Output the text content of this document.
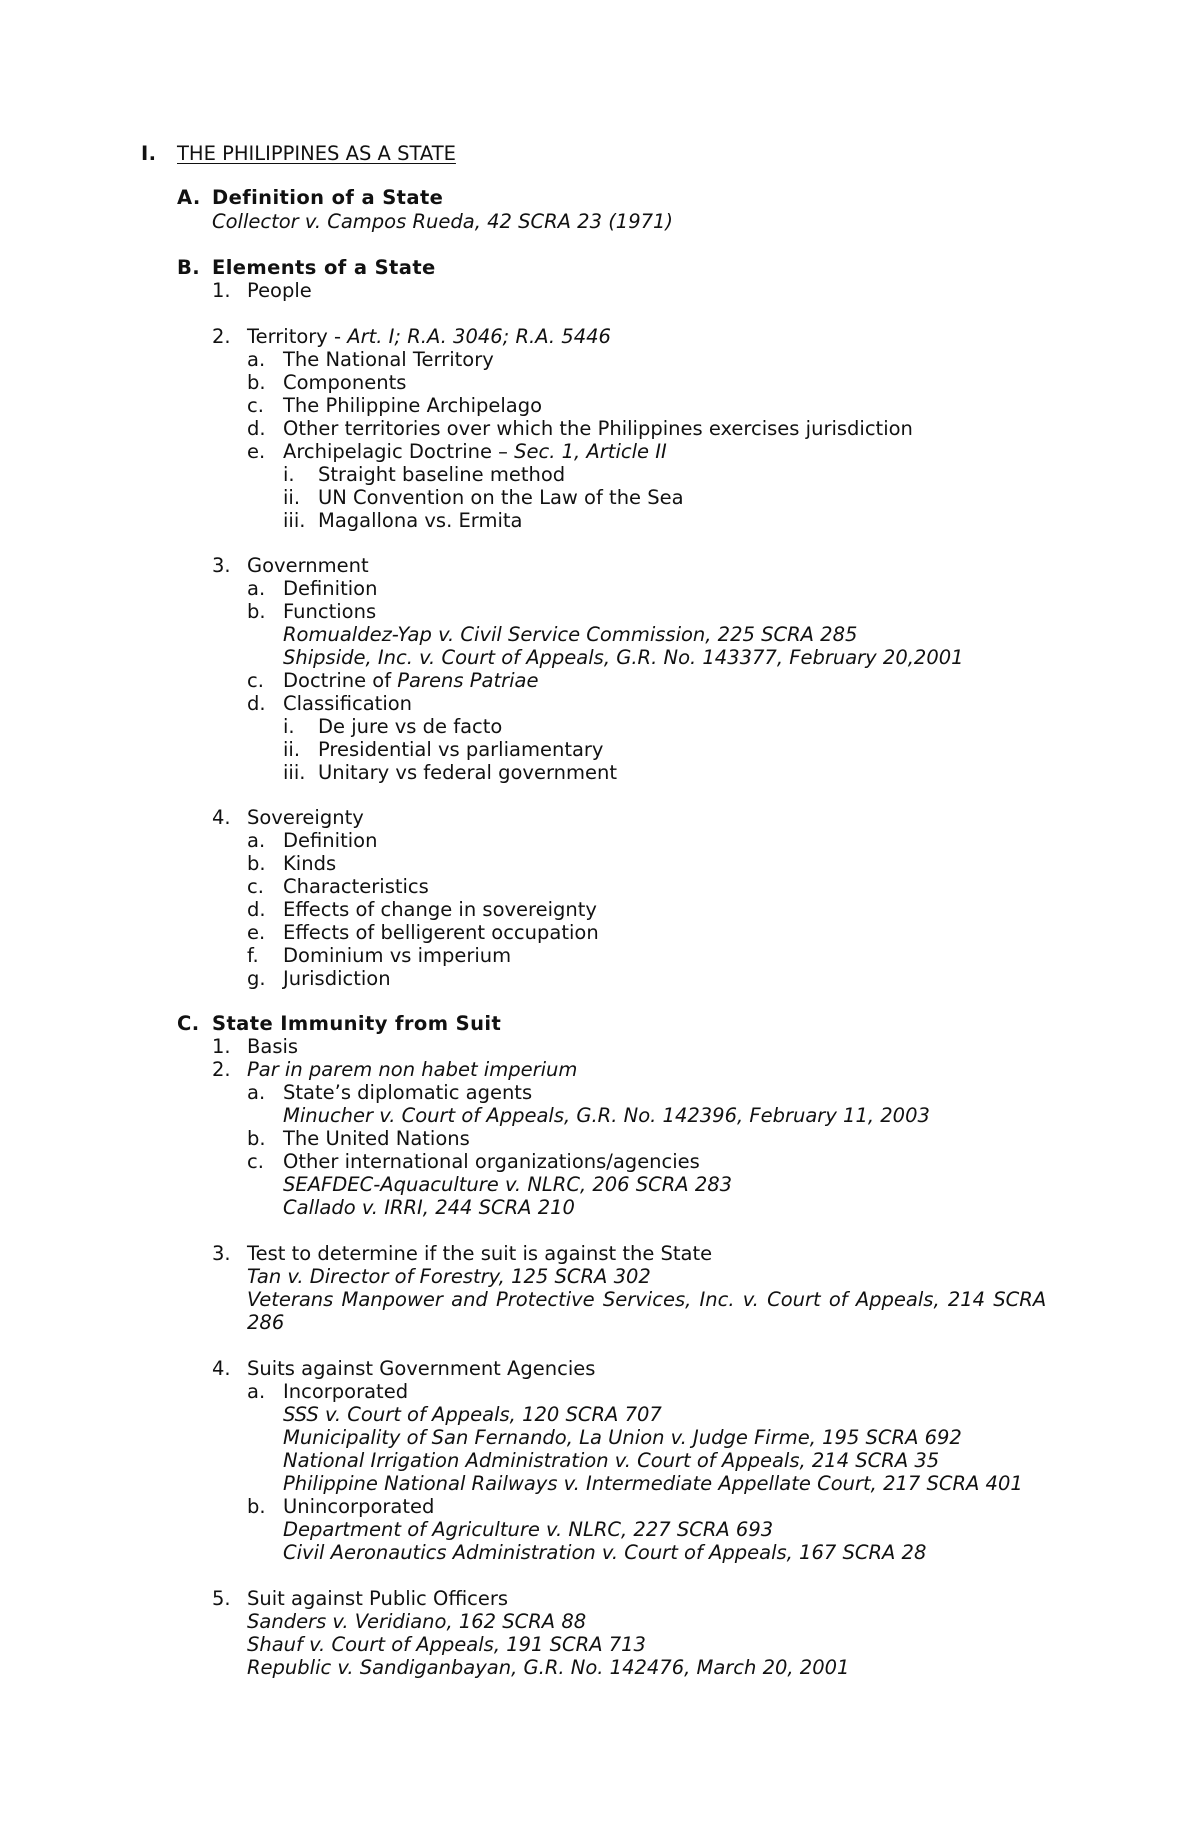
I. THE PHILIPPINES AS A STATE
A. Definition of a State
Collector v. Campos Rueda, 42 SCRA 23 (1971)
B. Elements of a State
1. People
2. Territory - Art. I; R.A. 3046; R.A. 5446
a. The National Territory
b. Components
c. The Philippine Archipelago
d. Other territories over which the Philippines exercises jurisdiction
e. Archipelagic Doctrine – Sec. 1, Article II
i. Straight baseline method
ii. UN Convention on the Law of the Sea
iii. Magallona vs. Ermita
3. Government
a. Definition
b. Functions
Romualdez-Yap v. Civil Service Commission, 225 SCRA 285
Shipside, Inc. v. Court of Appeals, G.R. No. 143377, February 20,2001
c. Doctrine of Parens Patriae
d. Classification
i. De jure vs de facto
ii. Presidential vs parliamentary
iii. Unitary vs federal government
4. Sovereignty
a. Definition
b. Kinds
c. Characteristics
d. Effects of change in sovereignty
e. Effects of belligerent occupation
f. Dominium vs imperium
g. Jurisdiction
C. State Immunity from Suit
1. Basis
2. Par in parem non habet imperium
a. State’s diplomatic agents
Minucher v. Court of Appeals, G.R. No. 142396, February 11, 2003
b. The United Nations
c. Other international organizations/agencies
SEAFDEC-Aquaculture v. NLRC, 206 SCRA 283
Callado v. IRRI, 244 SCRA 210
3. Test to determine if the suit is against the State
Tan v. Director of Forestry, 125 SCRA 302
Veterans Manpower and Protective Services, Inc. v. Court of Appeals, 214 SCRA
286
4. Suits against Government Agencies
a. Incorporated
SSS v. Court of Appeals, 120 SCRA 707
Municipality of San Fernando, La Union v. Judge Firme, 195 SCRA 692
National Irrigation Administration v. Court of Appeals, 214 SCRA 35
Philippine National Railways v. Intermediate Appellate Court, 217 SCRA 401
b. Unincorporated
Department of Agriculture v. NLRC, 227 SCRA 693
Civil Aeronautics Administration v. Court of Appeals, 167 SCRA 28
5. Suit against Public Officers
Sanders v. Veridiano, 162 SCRA 88
Shauf v. Court of Appeals, 191 SCRA 713
Republic v. Sandiganbayan, G.R. No. 142476, March 20, 2001
